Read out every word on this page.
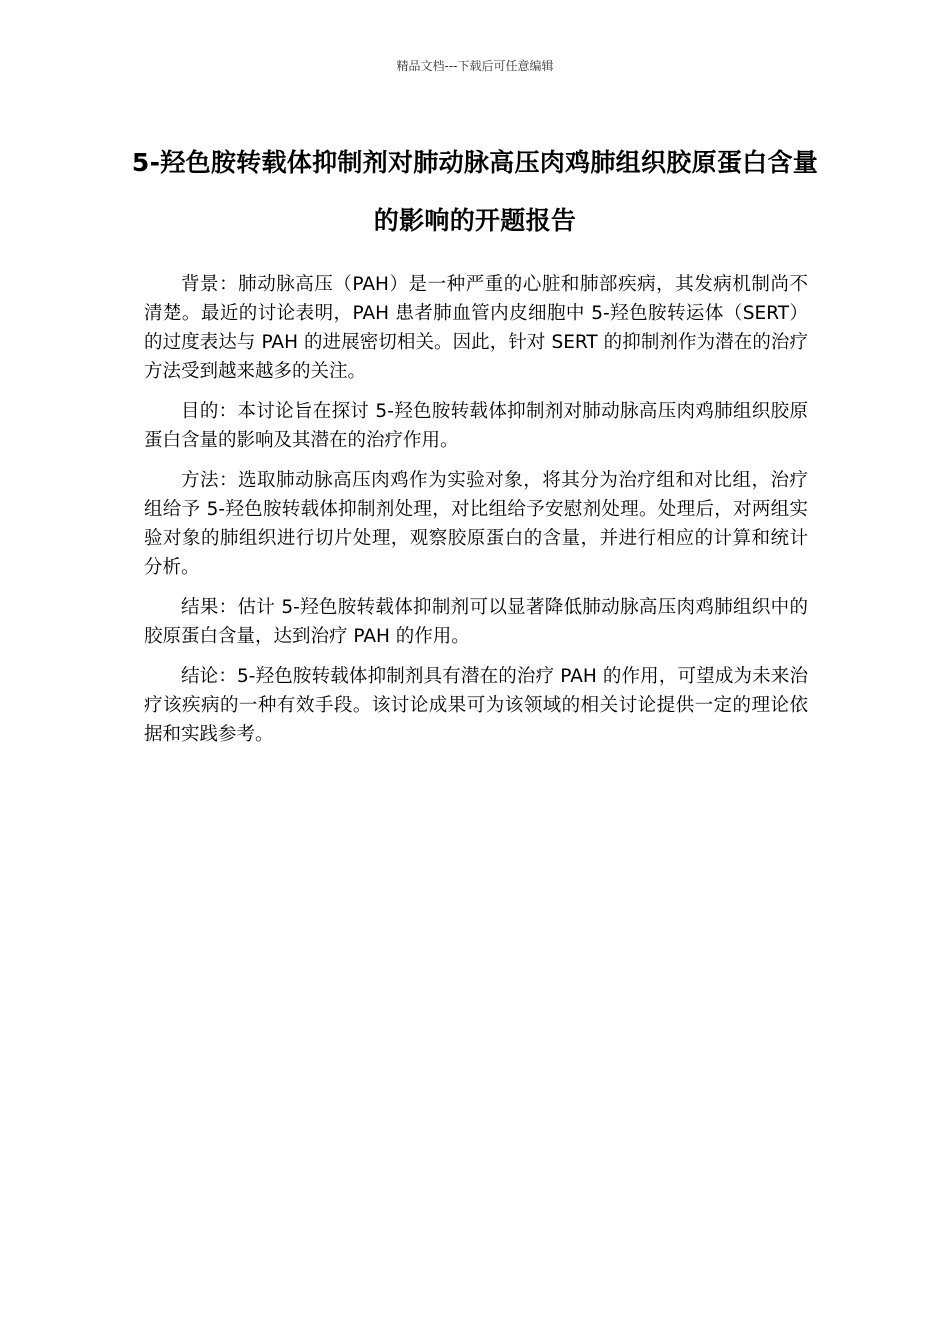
精品文档---下载后可任意编辑
5-羟色胺转载体抑制剂对肺动脉高压肉鸡肺组织胶原蛋白含量的影响的开题报告

背景：肺动脉高压（PAH）是一种严重的心脏和肺部疾病，其发病机制尚不清楚。最近的讨论表明，PAH 患者肺血管内皮细胞中 5-羟色胺转运体（SERT）的过度表达与 PAH 的进展密切相关。因此，针对 SERT 的抑制剂作为潜在的治疗方法受到越来越多的关注。

目的：本讨论旨在探讨 5-羟色胺转载体抑制剂对肺动脉高压肉鸡肺组织胶原蛋白含量的影响及其潜在的治疗作用。

方法：选取肺动脉高压肉鸡作为实验对象，将其分为治疗组和对比组，治疗组给予 5-羟色胺转载体抑制剂处理，对比组给予安慰剂处理。处理后，对两组实验对象的肺组织进行切片处理，观察胶原蛋白的含量，并进行相应的计算和统计分析。

结果：估计 5-羟色胺转载体抑制剂可以显著降低肺动脉高压肉鸡肺组织中的胶原蛋白含量，达到治疗 PAH 的作用。

结论：5-羟色胺转载体抑制剂具有潜在的治疗 PAH 的作用，可望成为未来治疗该疾病的一种有效手段。该讨论成果可为该领域的相关讨论提供一定的理论依据和实践参考。
